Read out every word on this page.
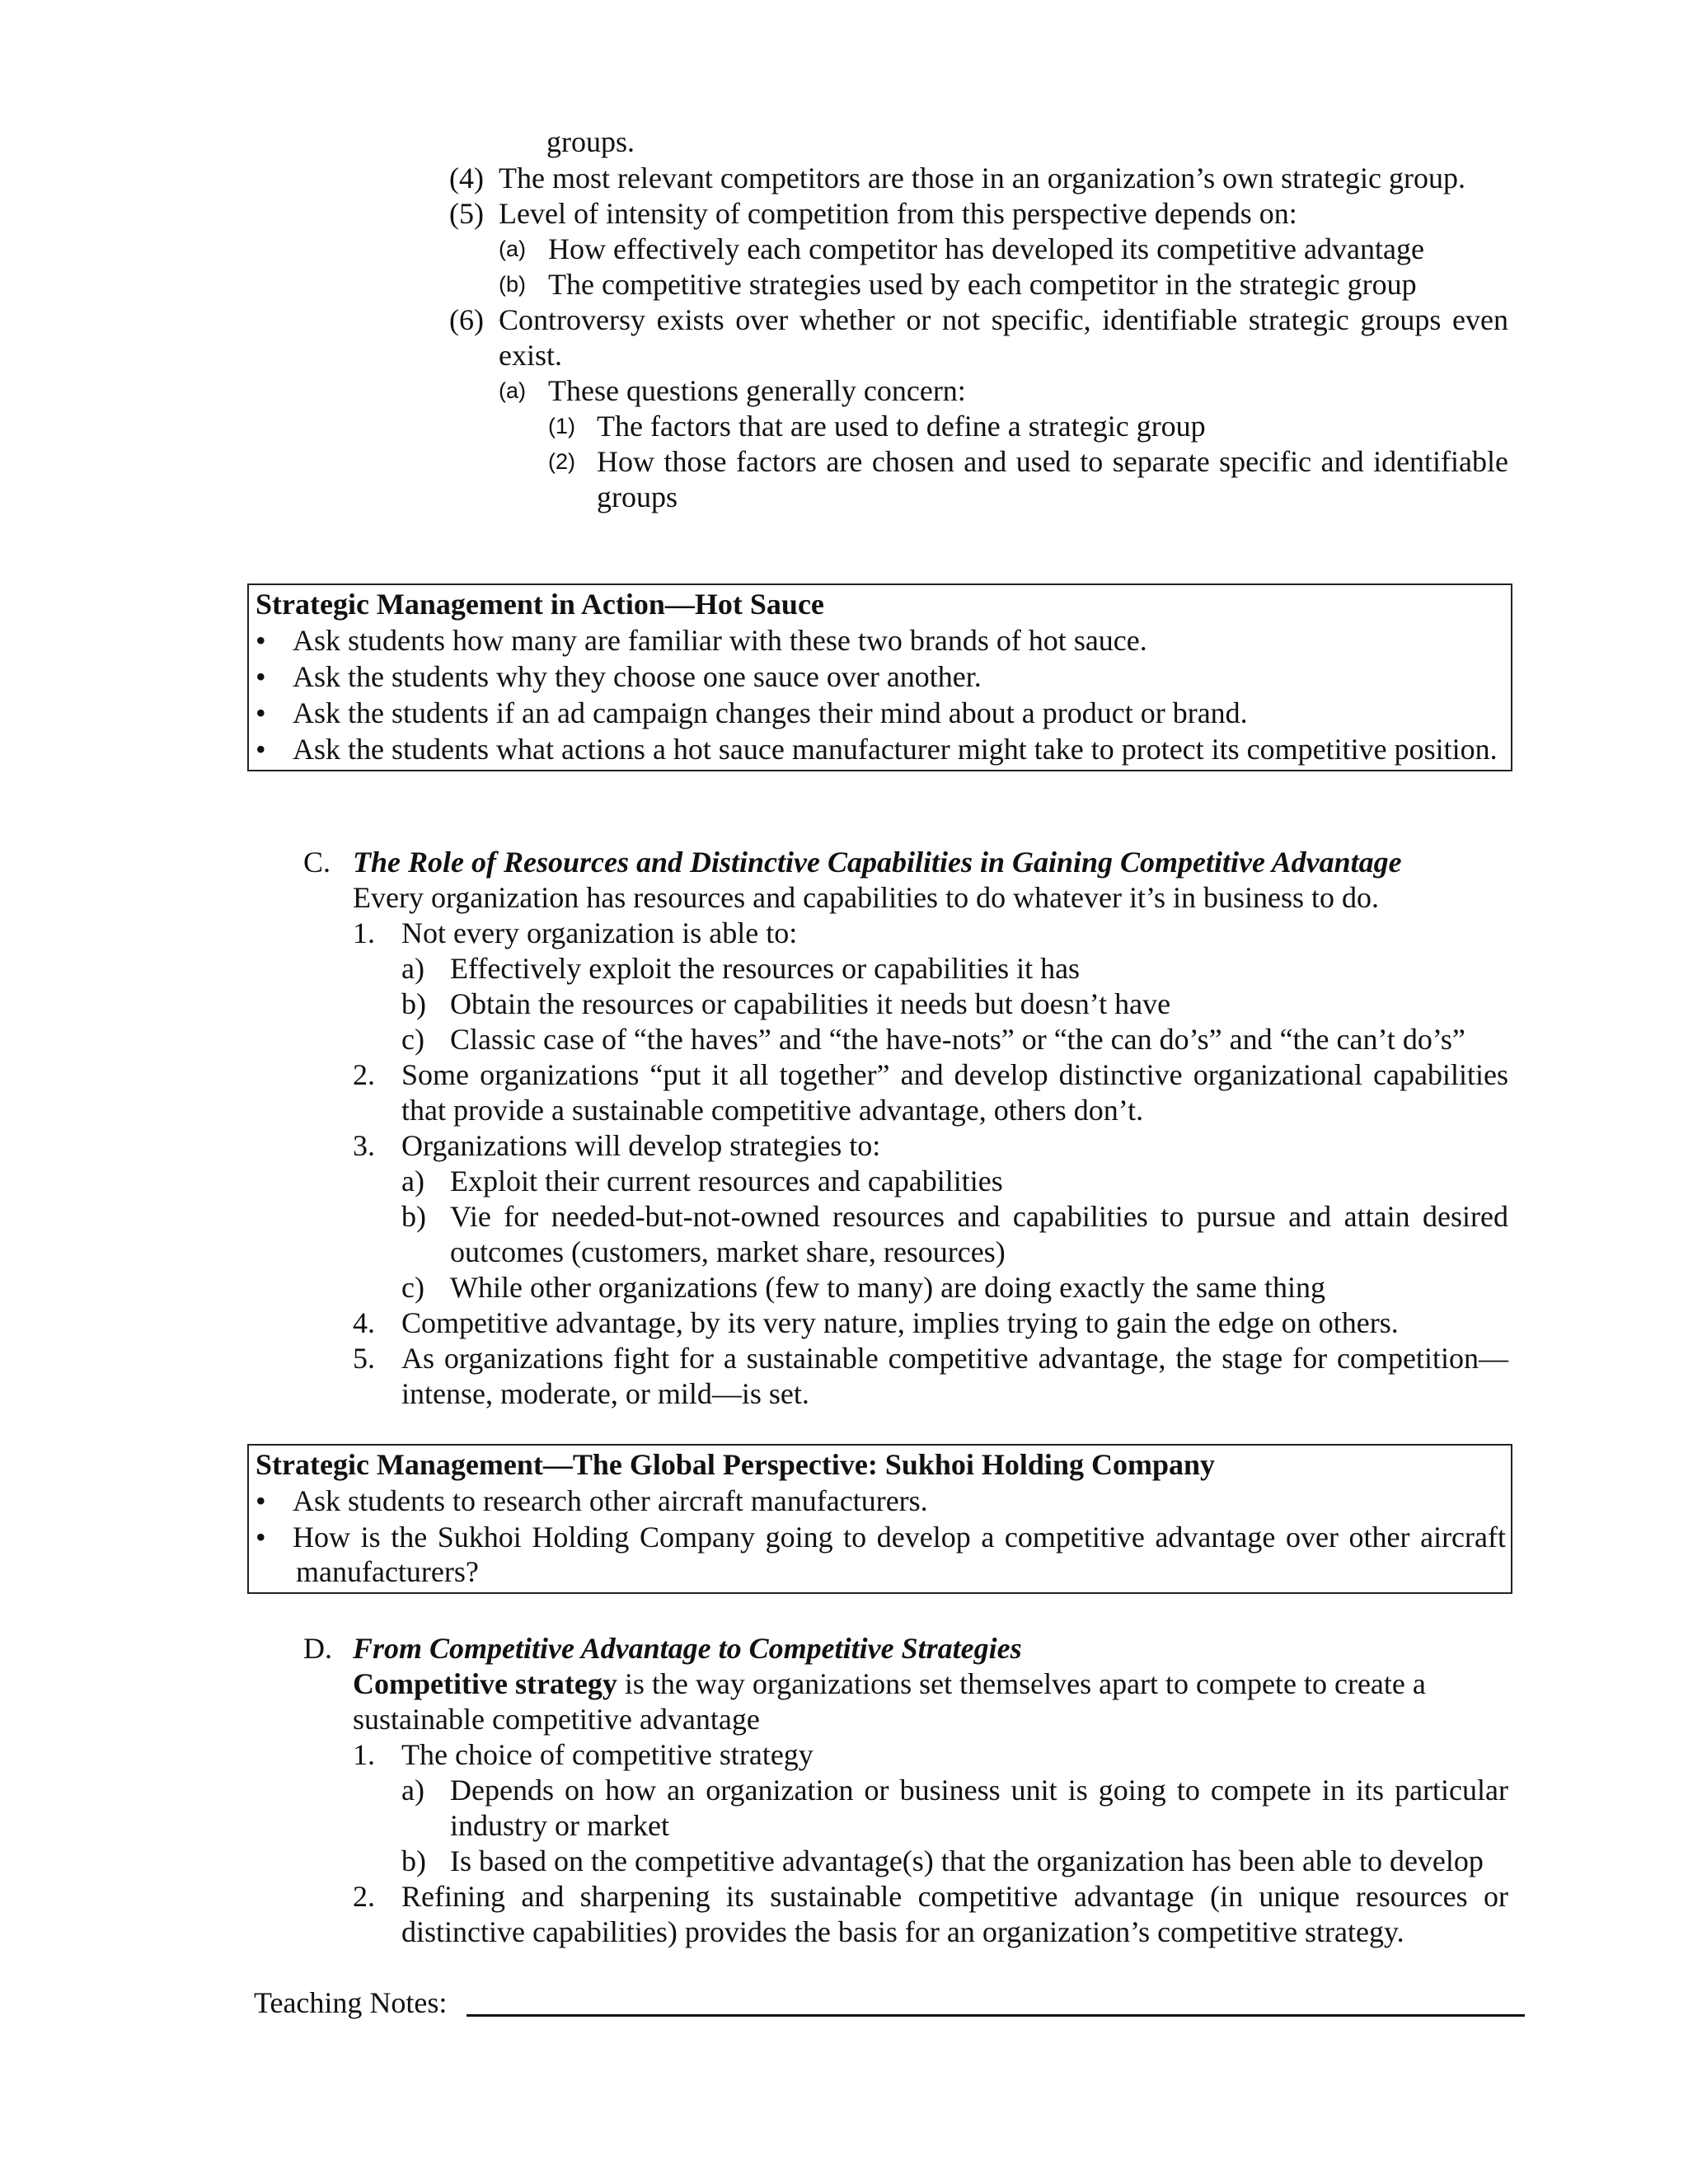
groups.
(4) The most relevant competitors are those in an organization’s own strategic group.
(5) Level of intensity of competition from this perspective depends on:
(a) How effectively each competitor has developed its competitive advantage
(b) The competitive strategies used by each competitor in the strategic group
(6) Controversy exists over whether or not specific, identifiable strategic groups even
exist.
(a) These questions generally concern:
(1) The factors that are used to define a strategic group
(2) How those factors are chosen and used to separate specific and identifiable
groups
Strategic Management in Action—Hot Sauce
• Ask students how many are familiar with these two brands of hot sauce.
• Ask the students why they choose one sauce over another.
• Ask the students if an ad campaign changes their mind about a product or brand.
• Ask the students what actions a hot sauce manufacturer might take to protect its competitive position.
C. The Role of Resources and Distinctive Capabilities in Gaining Competitive Advantage
Every organization has resources and capabilities to do whatever it’s in business to do.
1. Not every organization is able to:
a) Effectively exploit the resources or capabilities it has
b) Obtain the resources or capabilities it needs but doesn’t have
c) Classic case of “the haves” and “the have-nots” or “the can do’s” and “the can’t do’s”
2. Some organizations “put it all together” and develop distinctive organizational capabilities
that provide a sustainable competitive advantage, others don’t.
3. Organizations will develop strategies to:
a) Exploit their current resources and capabilities
b) Vie for needed-but-not-owned resources and capabilities to pursue and attain desired
outcomes (customers, market share, resources)
c) While other organizations (few to many) are doing exactly the same thing
4. Competitive advantage, by its very nature, implies trying to gain the edge on others.
5. As organizations fight for a sustainable competitive advantage, the stage for competition—
intense, moderate, or mild—is set.
Strategic Management—The Global Perspective: Sukhoi Holding Company
• Ask students to research other aircraft manufacturers.
• How is the Sukhoi Holding Company going to develop a competitive advantage over other aircraft
manufacturers?
D. From Competitive Advantage to Competitive Strategies
Competitive strategy is the way organizations set themselves apart to compete to create a
sustainable competitive advantage
1. The choice of competitive strategy
a) Depends on how an organization or business unit is going to compete in its particular
industry or market
b) Is based on the competitive advantage(s) that the organization has been able to develop
2. Refining and sharpening its sustainable competitive advantage (in unique resources or
distinctive capabilities) provides the basis for an organization’s competitive strategy.
Teaching Notes:
